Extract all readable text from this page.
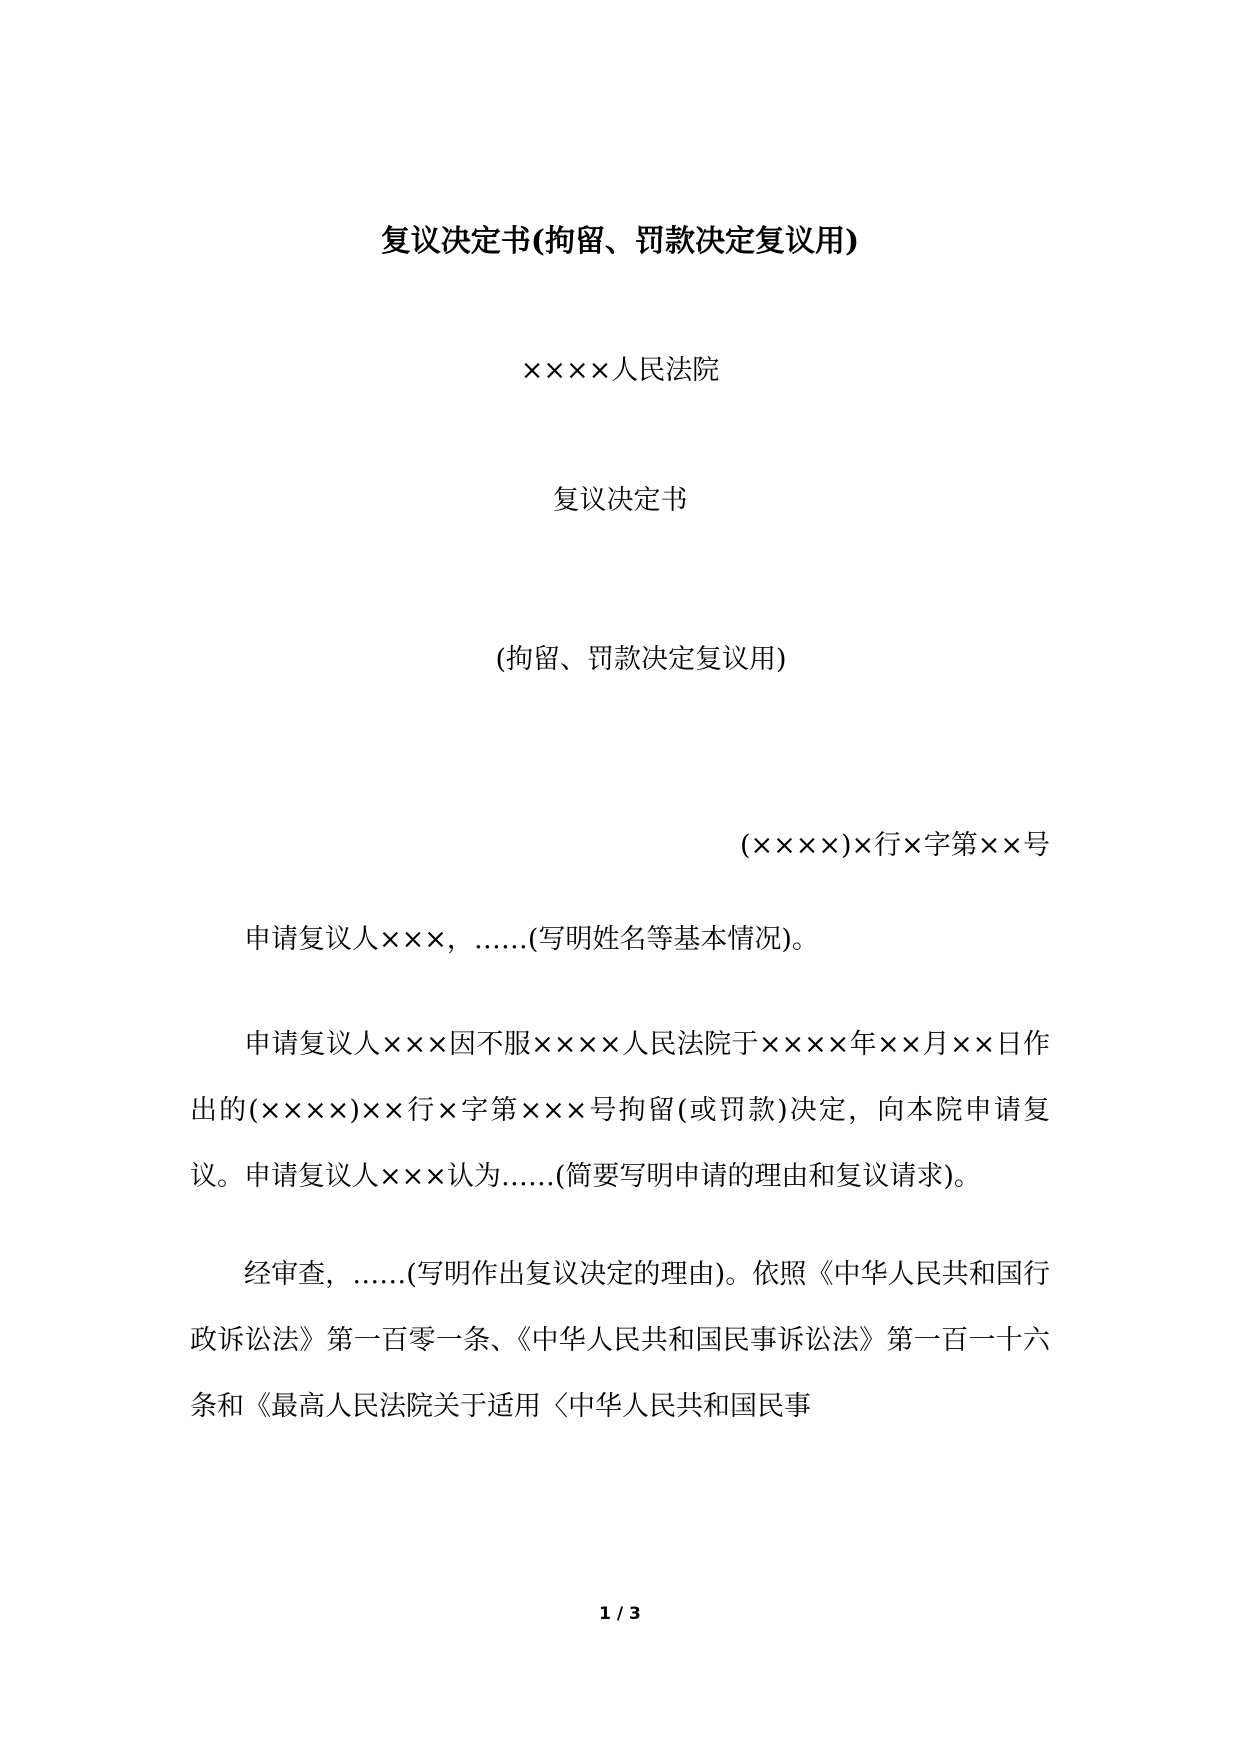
复议决定书(拘留、罚款决定复议用)
××××人民法院
复议决定书
(拘留、罚款决定复议用)
(××××)×行×字第××号

申请复议人×××，……(写明姓名等基本情况)。

申请复议人×××因不服××××人民法院于××××年××月××日作出的(××××)××行×字第×××号拘留(或罚款)决定，向本院申请复议。申请复议人×××认为……(简要写明申请的理由和复议请求)。

经审查，……(写明作出复议决定的理由)。依照《中华人民共和国行政诉讼法》第一百零一条、《中华人民共和国民事诉讼法》第一百一十六条和《最高人民法院关于适用〈中华人民共和国民事

1 / 3
